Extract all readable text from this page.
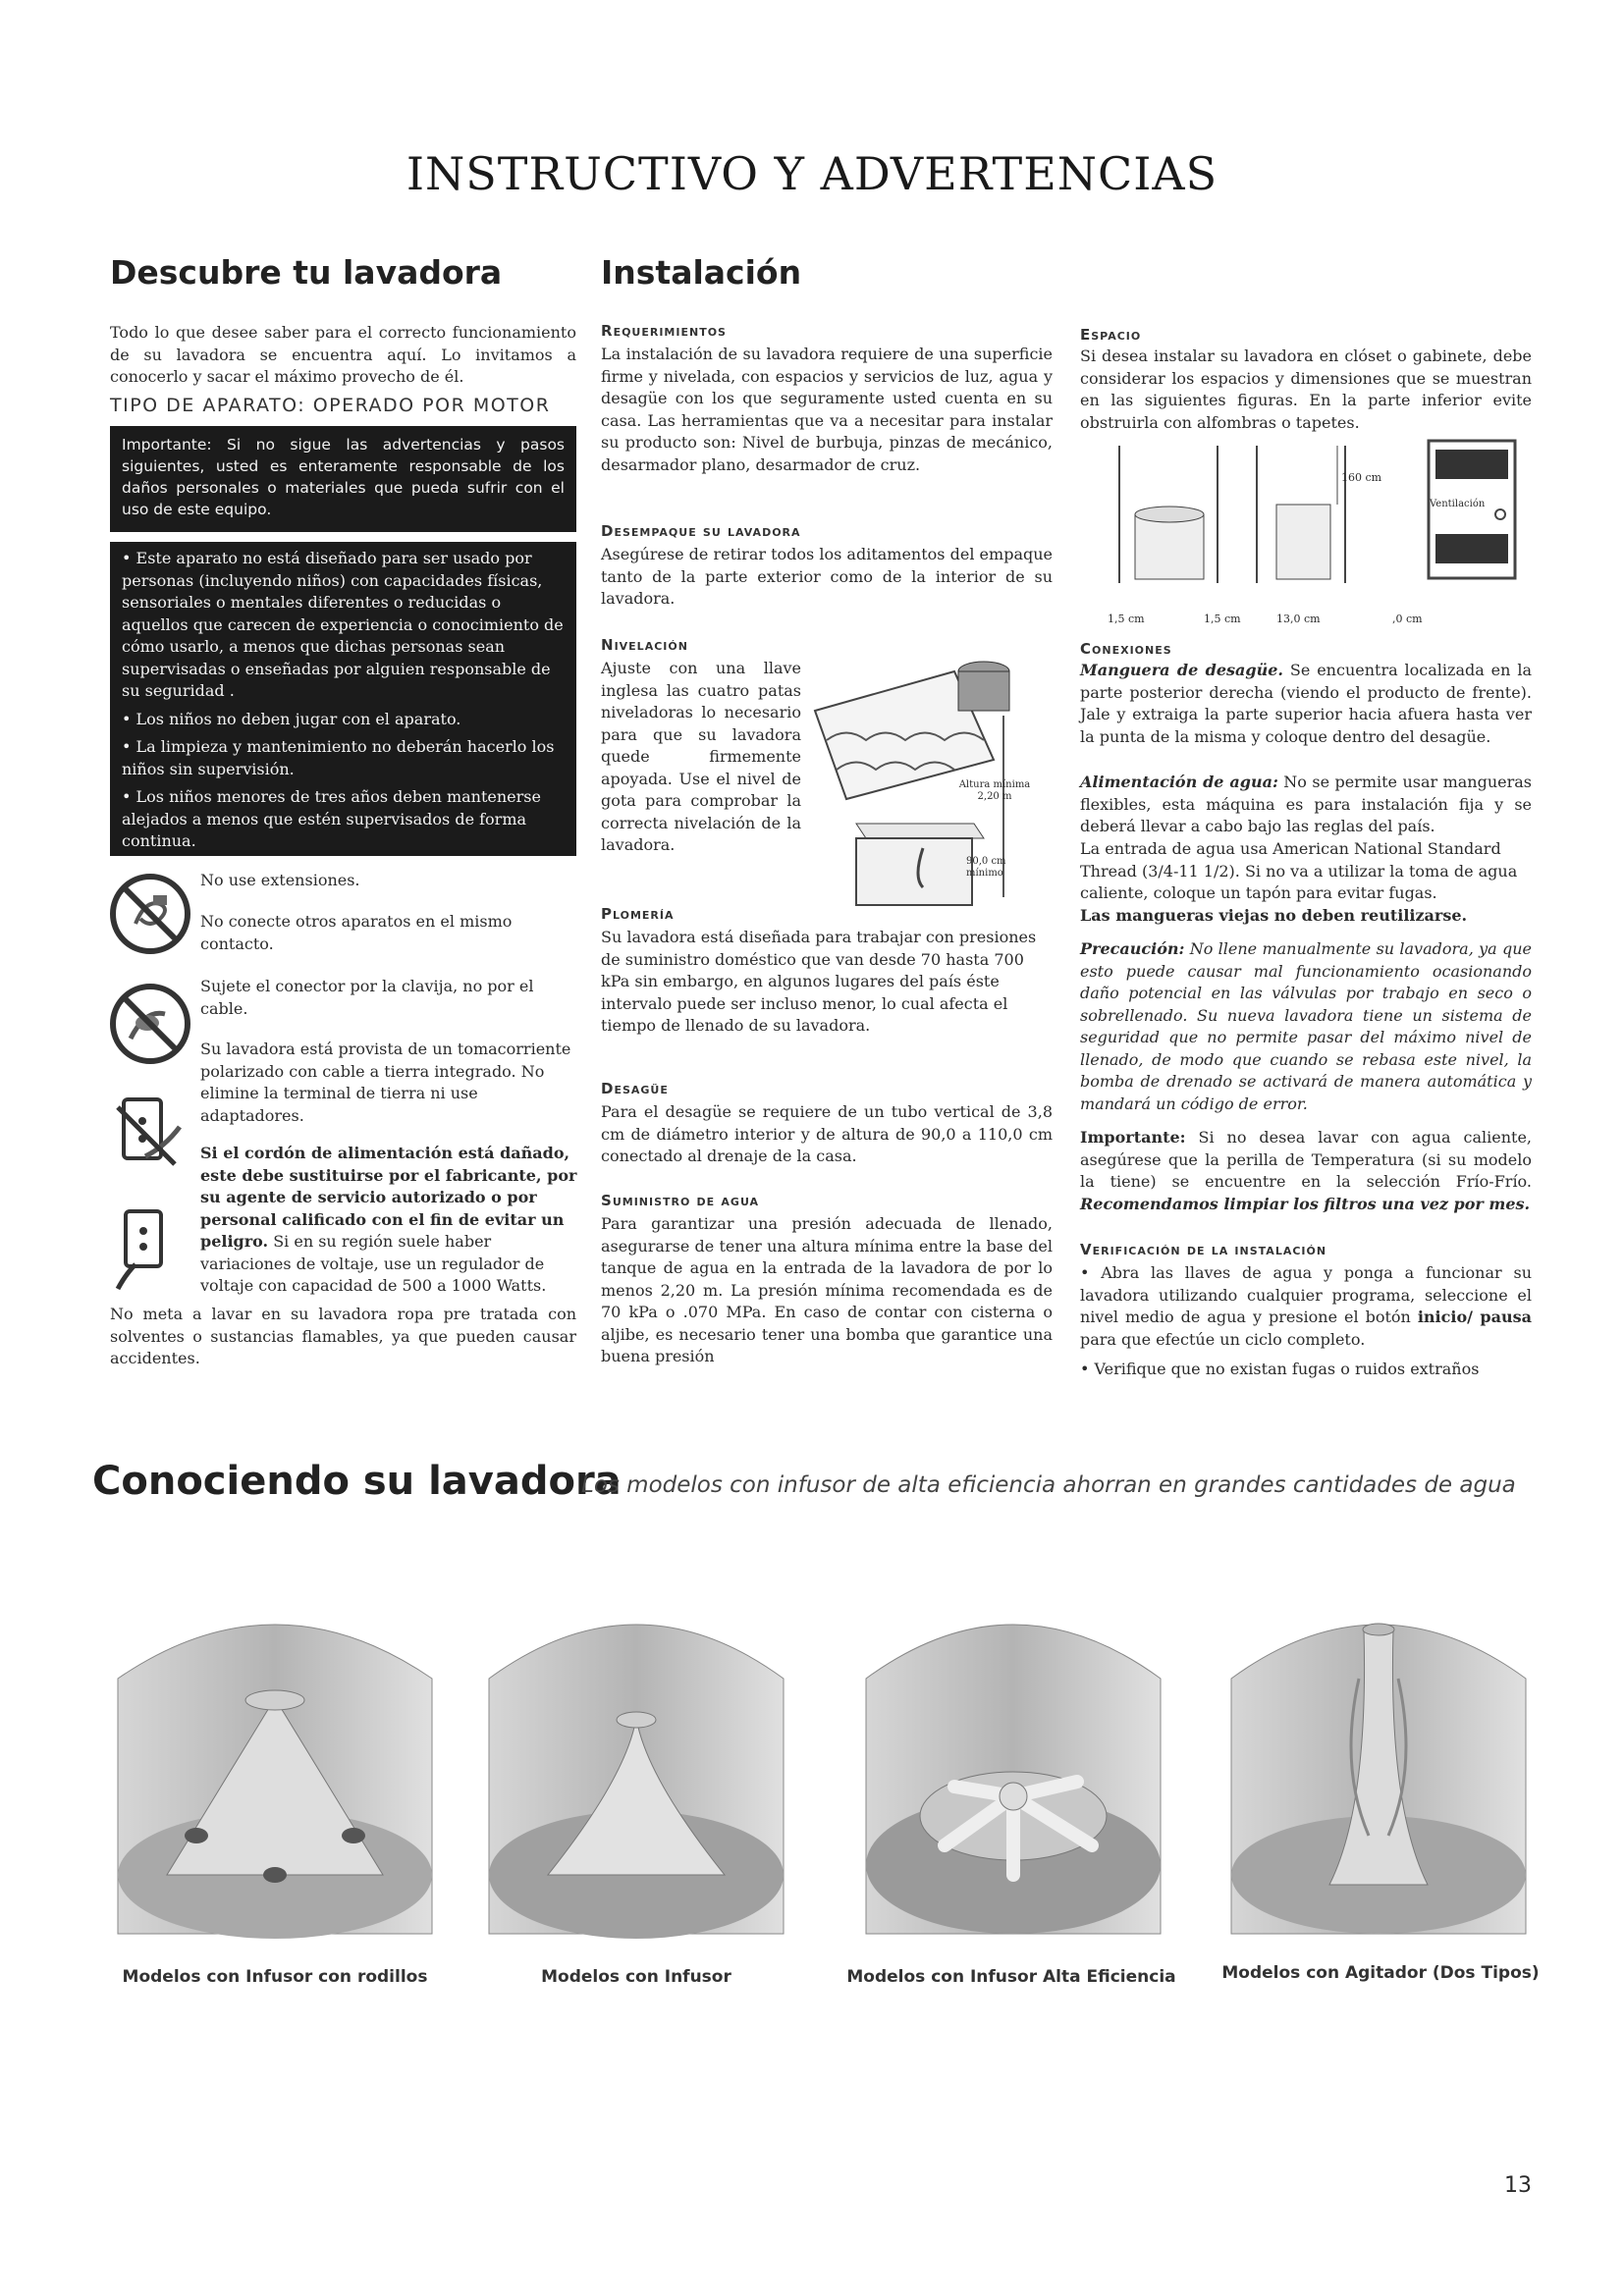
INSTRUCTIVO Y ADVERTENCIAS
Descubre tu lavadora
Todo lo que desee saber para el correcto funcionamiento de su lavadora se encuentra aquí. Lo invitamos a conocerlo y sacar el máximo provecho de él.
TIPO DE APARATO: OPERADO POR MOTOR
Importante: Si no sigue las advertencias y pasos siguientes, usted es enteramente responsable de los daños personales o materiales que pueda sufrir con el uso de este equipo.
• Este aparato no está diseñado para ser usado por personas (incluyendo niños) con capacidades físicas, sensoriales o mentales diferentes o reducidas o aquellos que carecen de experiencia o conocimiento de cómo usarlo, a menos que dichas personas sean supervisadas o enseñadas por alguien responsable de su seguridad .
• Los niños no deben jugar con el aparato.
• La limpieza y mantenimiento no deberán hacerlo los niños sin supervisión.
• Los niños menores de tres años deben mantenerse alejados a menos que estén supervisados de forma continua.
No use extensiones.
No conecte otros aparatos en el mismo contacto.
Sujete el conector por la clavija, no por el cable.
Su lavadora está provista de un tomacorriente polarizado con cable a tierra integrado. No elimine la terminal de tierra ni use adaptadores.
Si el cordón de alimentación está dañado, este debe sustituirse por el fabricante, por su agente de servicio autorizado o por personal calificado con el fin de evitar un peligro. Si en su región suele haber variaciones de voltaje, use un regulador de voltaje con capacidad de 500 a 1000 Watts.
No meta a lavar en su lavadora ropa pre tratada con solventes o sustancias flamables, ya que pueden causar accidentes.
Instalación
Requerimientos
La instalación de su lavadora requiere de una superficie firme y nivelada, con espacios y servicios de luz, agua y desagüe con los que seguramente usted cuenta en su casa. Las herramientas que va a necesitar para instalar su producto son: Nivel de burbuja, pinzas de mecánico, desarmador plano, desarmador de cruz.
Desempaque su lavadora
Asegúrese de retirar todos los aditamentos del empaque tanto de la parte exterior como de la interior de su lavadora.
Nivelación
Ajuste con una llave inglesa las cuatro patas niveladoras lo necesario para que su lavadora quede firmemente apoyada. Use el nivel de gota para comprobar la correcta nivelación de la lavadora.
Altura mínima 2,20 m
90,0 cm mínimo
Plomería
Su lavadora está diseñada para trabajar con presiones de suministro doméstico que van desde 70 hasta 700 kPa sin embargo, en algunos lugares del país éste intervalo puede ser incluso menor, lo cual afecta el tiempo de llenado de su lavadora.
Desagüe
Para el desagüe se requiere de un tubo vertical de 3,8 cm de diámetro interior y de altura de 90,0 a 110,0 cm conectado al drenaje de la casa.
Suministro de agua
Para garantizar una presión adecuada de llenado, asegurarse de tener una altura mínima entre la base del tanque de agua en la entrada de la lavadora de por lo menos 2,20 m. La presión mínima recomendada es de 70 kPa o .070 MPa. En caso de contar con cisterna o aljibe, es necesario tener una bomba que garantice una buena presión
Espacio
Si desea instalar su lavadora en clóset o gabinete, debe considerar los espacios y dimensiones que se muestran en las siguientes figuras. En la parte inferior evite obstruirla con alfombras o tapetes.
160 cm
Ventilación
1,5 cm	1,5 cm	13,0 cm	,0 cm
Conexiones
Manguera de desagüe. Se encuentra localizada en la parte posterior derecha (viendo el producto de frente). Jale y extraiga la parte superior hacia afuera hasta ver la punta de la misma y coloque dentro del desagüe.
Alimentación de agua: No se permite usar mangueras flexibles, esta máquina es para instalación fija y se deberá llevar a cabo bajo las reglas del país.
La entrada de agua usa American National Standard Thread (3/4-11 1/2). Si no va a utilizar la toma de agua caliente, coloque un tapón para evitar fugas.
Las mangueras viejas no deben reutilizarse.
Precaución: No llene manualmente su lavadora, ya que esto puede causar mal funcionamiento ocasionando daño potencial en las válvulas por trabajo en seco o sobrellenado. Su nueva lavadora tiene un sistema de seguridad que no permite pasar del máximo nivel de llenado, de modo que cuando se rebasa este nivel, la bomba de drenado se activará de manera automática y mandará un código de error.
Importante: Si no desea lavar con agua caliente, asegúrese que la perilla de Temperatura (si su modelo la tiene) se encuentre en la selección Frío-Frío. Recomendamos limpiar los filtros una vez por mes.
Verificación de la instalación
• Abra las llaves de agua y ponga a funcionar su lavadora utilizando cualquier programa, seleccione el nivel medio de agua y presione el botón inicio/ pausa para que efectúe un ciclo completo.
• Verifique que no existan fugas o ruidos extraños
Conociendo su lavadora
Los modelos con infusor de alta eficiencia ahorran en grandes cantidades de agua
Modelos con Infusor con rodillos	Modelos con Infusor	Modelos con Infusor Alta Eficiencia	Modelos con Agitador (Dos Tipos)
13
